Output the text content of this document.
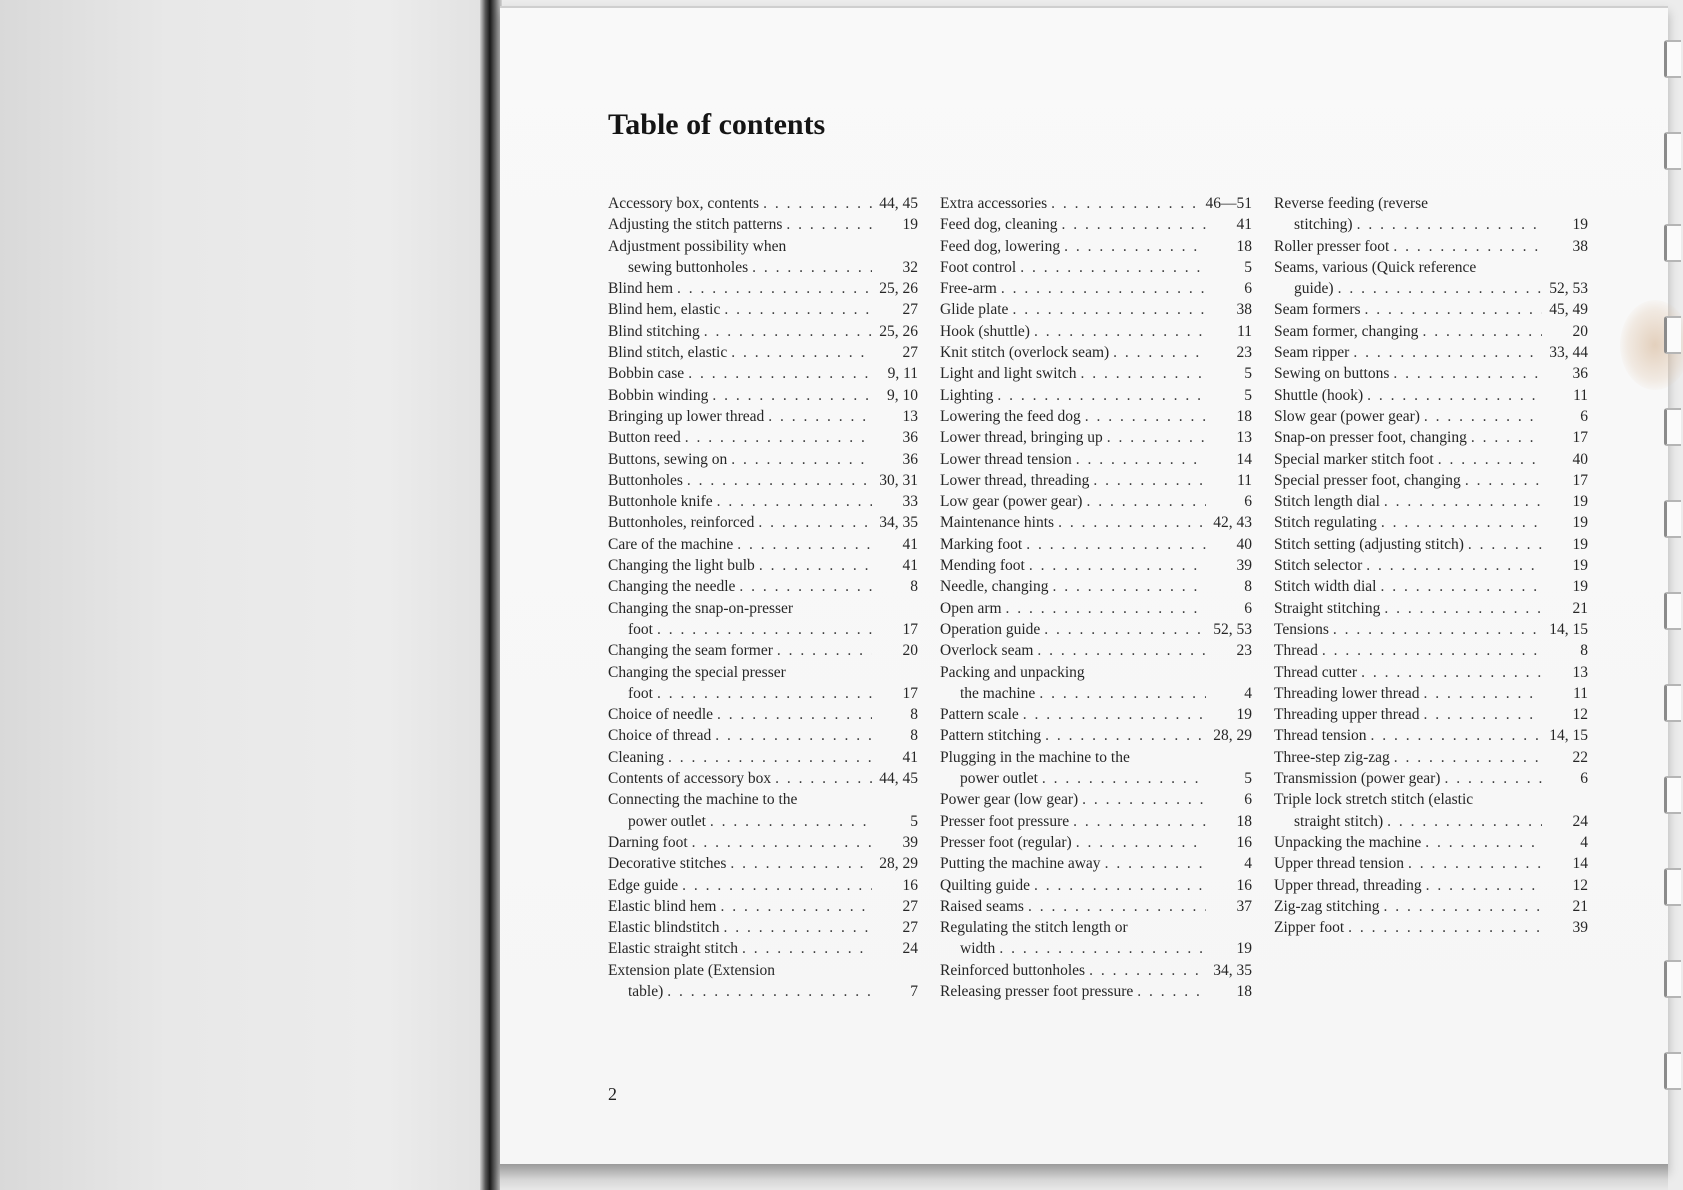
Table of contents
Accessory box, contents . . .	44, 45
Adjusting the stitch patterns . . .	19
Adjustment possibility when
sewing buttonholes . . .	32
Blind hem . . .	25, 26
Blind hem, elastic . . .	27
Blind stitching . . .	25, 26
Blind stitch, elastic . . .	27
Bobbin case . . .	9, 11
Bobbin winding . . .	9, 10
Bringing up lower thread . . .	13
Button reed . . .	36
Buttons, sewing on . . .	36
Buttonholes . . .	30, 31
Buttonhole knife . . .	33
Buttonholes, reinforced . . .	34, 35
Care of the machine . . .	41
Changing the light bulb . . .	41
Changing the needle . . .	8
Changing the snap-on-presser
foot . . .	17
Changing the seam former . . .	20
Changing the special presser
foot . . .	17
Choice of needle . . .	8
Choice of thread . . .	8
Cleaning . . .	41
Contents of accessory box . . .	44, 45
Connecting the machine to the
power outlet . . .	5
Darning foot . . .	39
Decorative stitches . . .	28, 29
Edge guide . . .	16
Elastic blind hem . . .	27
Elastic blindstitch . . .	27
Elastic straight stitch . . .	24
Extension plate (Extension
table) . . .	7
Extra accessories . . .	46—51
Feed dog, cleaning . . .	41
Feed dog, lowering . . .	18
Foot control . . .	5
Free-arm . . .	6
Glide plate . . .	38
Hook (shuttle) . . .	11
Knit stitch (overlock seam) . . .	23
Light and light switch . . .	5
Lighting . . .	5
Lowering the feed dog . . .	18
Lower thread, bringing up . . .	13
Lower thread tension . . .	14
Lower thread, threading . . .	11
Low gear (power gear) . . .	6
Maintenance hints . . .	42, 43
Marking foot . . .	40
Mending foot . . .	39
Needle, changing . . .	8
Open arm . . .	6
Operation guide . . .	52, 53
Overlock seam . . .	23
Packing and unpacking
the machine . . .	4
Pattern scale . . .	19
Pattern stitching . . .	28, 29
Plugging in the machine to the
power outlet . . .	5
Power gear (low gear) . . .	6
Presser foot pressure . . .	18
Presser foot (regular) . . .	16
Putting the machine away . . .	4
Quilting guide . . .	16
Raised seams . . .	37
Regulating the stitch length or
width . . .	19
Reinforced buttonholes . . .	34, 35
Releasing presser foot pressure . . .	18
Reverse feeding (reverse
stitching) . . .	19
Roller presser foot . . .	38
Seams, various (Quick reference
guide) . . .	52, 53
Seam formers . . .	45, 49
Seam former, changing . . .	20
Seam ripper . . .	33, 44
Sewing on buttons . . .	36
Shuttle (hook) . . .	11
Slow gear (power gear) . . .	6
Snap-on presser foot, changing . . .	17
Special marker stitch foot . . .	40
Special presser foot, changing . . .	17
Stitch length dial . . .	19
Stitch regulating . . .	19
Stitch setting (adjusting stitch) . . .	19
Stitch selector . . .	19
Stitch width dial . . .	19
Straight stitching . . .	21
Tensions . . .	14, 15
Thread . . .	8
Thread cutter . . .	13
Threading lower thread . . .	11
Threading upper thread . . .	12
Thread tension . . .	14, 15
Three-step zig-zag . . .	22
Transmission (power gear) . . .	6
Triple lock stretch stitch (elastic
straight stitch) . . .	24
Unpacking the machine . . .	4
Upper thread tension . . .	14
Upper thread, threading . . .	12
Zig-zag stitching . . .	21
Zipper foot . . .	39
2
